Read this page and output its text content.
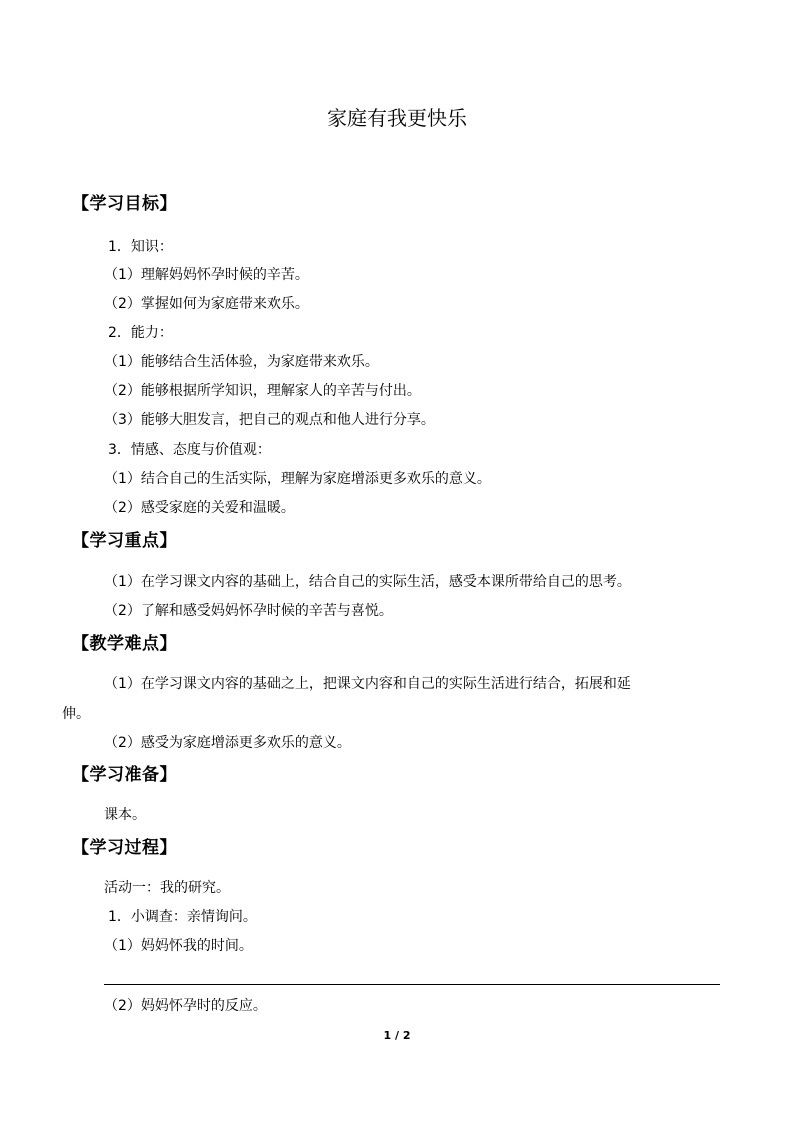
家庭有我更快乐
【学习目标】
1．知识：
（1）理解妈妈怀孕时候的辛苦。
（2）掌握如何为家庭带来欢乐。
2．能力：
（1）能够结合生活体验，为家庭带来欢乐。
（2）能够根据所学知识，理解家人的辛苦与付出。
（3）能够大胆发言，把自己的观点和他人进行分享。
3．情感、态度与价值观：
（1）结合自己的生活实际，理解为家庭增添更多欢乐的意义。
（2）感受家庭的关爱和温暖。
【学习重点】
（1）在学习课文内容的基础上，结合自己的实际生活，感受本课所带给自己的思考。
（2）了解和感受妈妈怀孕时候的辛苦与喜悦。
【教学难点】
（1）在学习课文内容的基础之上，把课文内容和自己的实际生活进行结合，拓展和延
伸。
（2）感受为家庭增添更多欢乐的意义。
【学习准备】
课本。
【学习过程】
活动一：我的研究。
1．小调查：亲情询问。
（1）妈妈怀我的时间。
（2）妈妈怀孕时的反应。
1 / 2
